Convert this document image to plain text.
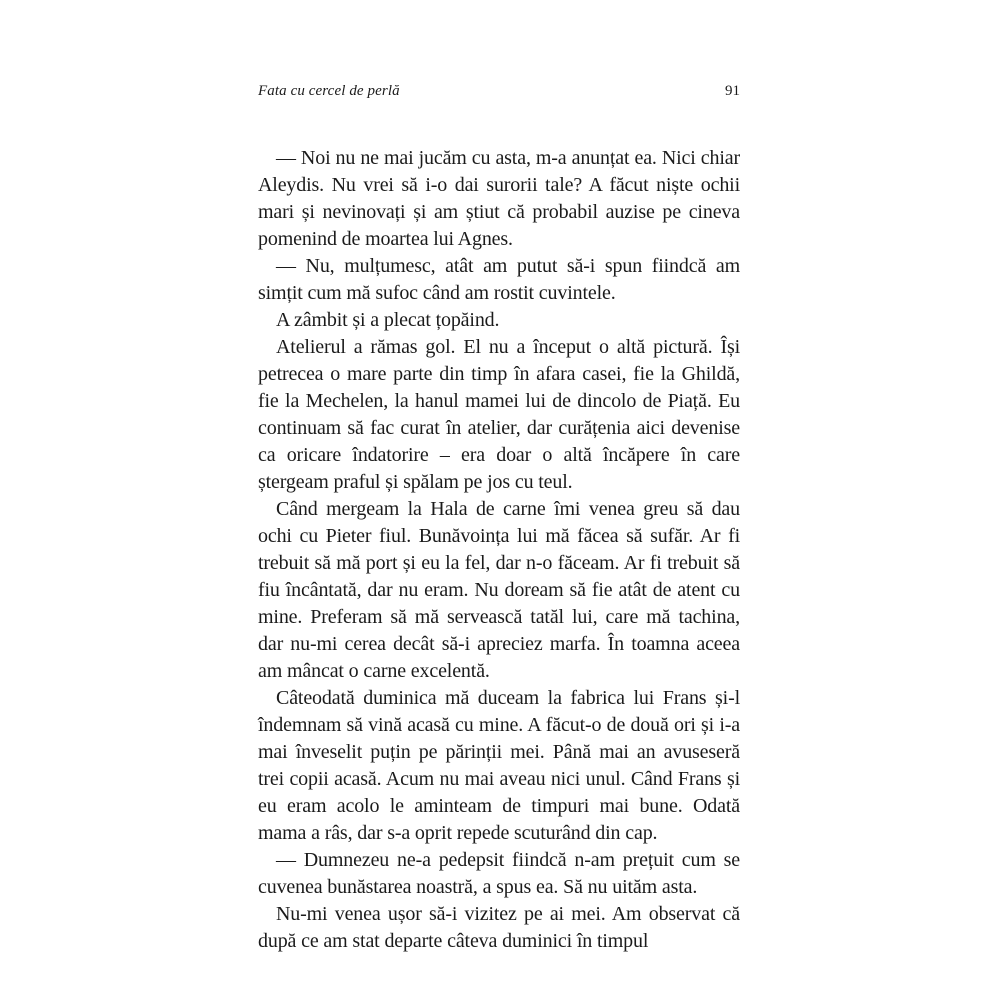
Fata cu cercel de perlă	91

— Noi nu ne mai jucăm cu asta, m-a anunțat ea. Nici chiar Aleydis. Nu vrei să i-o dai surorii tale? A făcut niște ochii mari și nevinovați și am știut că probabil auzise pe cineva pomenind de moartea lui Agnes.

— Nu, mulțumesc, atât am putut să-i spun fiindcă am simțit cum mă sufoc când am rostit cuvintele.

A zâmbit și a plecat țopăind.

Atelierul a rămas gol. El nu a început o altă pictură. Își petrecea o mare parte din timp în afara casei, fie la Ghildă, fie la Mechelen, la hanul mamei lui de dincolo de Piață. Eu continuam să fac curat în atelier, dar curățenia aici devenise ca oricare îndatorire – era doar o altă încăpere în care ștergeam praful și spălam pe jos cu teul.

Când mergeam la Hala de carne îmi venea greu să dau ochi cu Pieter fiul. Bunăvoința lui mă făcea să sufăr. Ar fi trebuit să mă port și eu la fel, dar n-o făceam. Ar fi trebuit să fiu încântată, dar nu eram. Nu doream să fie atât de atent cu mine. Preferam să mă servească tatăl lui, care mă tachina, dar nu-mi cerea decât să-i apreciez marfa. În toamna aceea am mâncat o carne excelentă.

Câteodată duminica mă duceam la fabrica lui Frans și-l îndemnam să vină acasă cu mine. A făcut-o de două ori și i-a mai înveselit puțin pe părinții mei. Până mai an avuseseră trei copii acasă. Acum nu mai aveau nici unul. Când Frans și eu eram acolo le aminteam de timpuri mai bune. Odată mama a râs, dar s-a oprit repede scuturând din cap.

— Dumnezeu ne-a pedepsit fiindcă n-am prețuit cum se cuvenea bunăstarea noastră, a spus ea. Să nu uităm asta.

Nu-mi venea ușor să-i vizitez pe ai mei. Am observat că după ce am stat departe câteva duminici în timpul
